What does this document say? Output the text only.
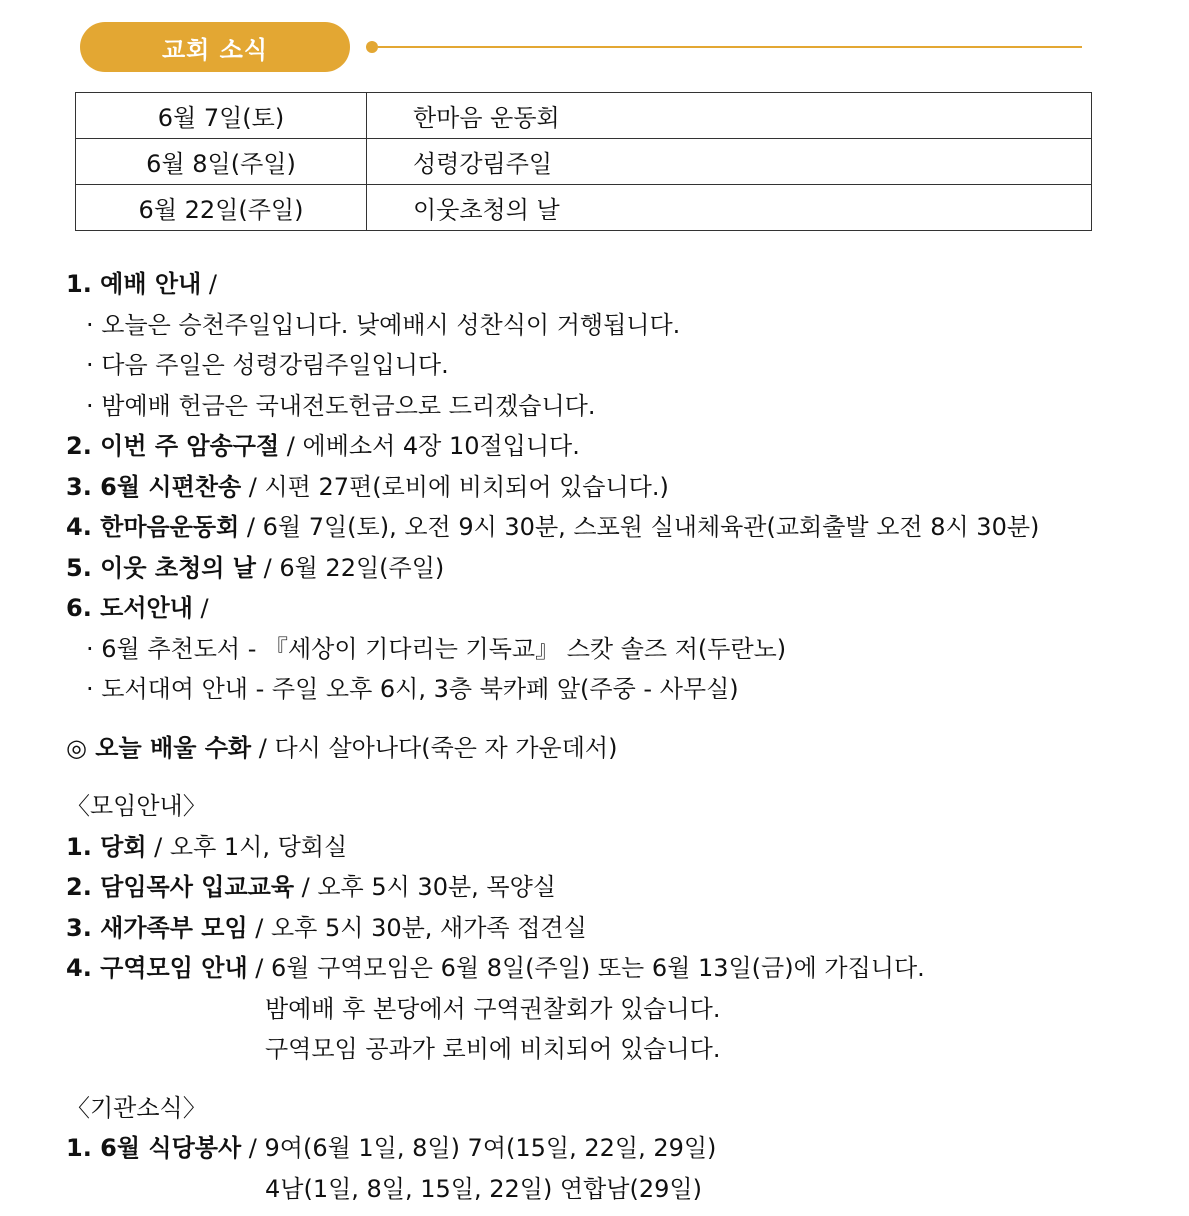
교회 소식
6월 7일(토)	한마음 운동회
6월 8일(주일)	성령강림주일
6월 22일(주일)	이웃초청의 날
1. 예배 안내 /
· 오늘은 승천주일입니다. 낮예배시 성찬식이 거행됩니다.
· 다음 주일은 성령강림주일입니다.
· 밤예배 헌금은 국내전도헌금으로 드리겠습니다.
2. 이번 주 암송구절 / 에베소서 4장 10절입니다.
3. 6월 시편찬송 / 시편 27편(로비에 비치되어 있습니다.)
4. 한마음운동회 / 6월 7일(토), 오전 9시 30분, 스포원 실내체육관(교회출발 오전 8시 30분)
5. 이웃 초청의 날 / 6월 22일(주일)
6. 도서안내 /
· 6월 추천도서 - 『세상이 기다리는 기독교』 스캇 솔즈 저(두란노)
· 도서대여 안내 - 주일 오후 6시, 3층 북카페 앞(주중 - 사무실)
◎ 오늘 배울 수화 / 다시 살아나다(죽은 자 가운데서)
〈모임안내〉
1. 당회 / 오후 1시, 당회실
2. 담임목사 입교교육 / 오후 5시 30분, 목양실
3. 새가족부 모임 / 오후 5시 30분, 새가족 접견실
4. 구역모임 안내 / 6월 구역모임은 6월 8일(주일) 또는 6월 13일(금)에 가집니다.
밤예배 후 본당에서 구역권찰회가 있습니다.
구역모임 공과가 로비에 비치되어 있습니다.
〈기관소식〉
1. 6월 식당봉사 / 9여(6월 1일, 8일) 7여(15일, 22일, 29일)
4남(1일, 8일, 15일, 22일) 연합남(29일)
